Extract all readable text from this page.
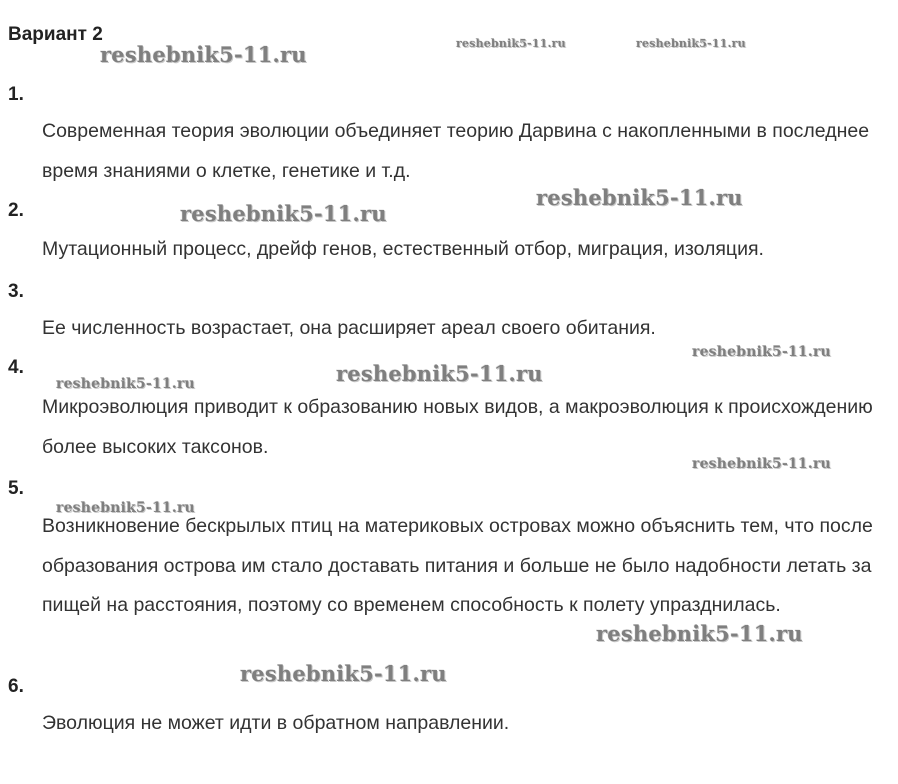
Вариант 2
1.
Современная теория эволюции объединяет теорию Дарвина с накопленными в последнее время знаниями о клетке, генетике и т.д.
2.
Мутационный процесс, дрейф генов, естественный отбор, миграция, изоляция.
3.
Ее численность возрастает, она расширяет ареал своего обитания.
4.
Микроэволюция приводит к образованию новых видов, а макроэволюция к происхождению более высоких таксонов.
5.
Возникновение бескрылых птиц на материковых островах можно объяснить тем, что после образования острова им стало доставать питания и больше не было надобности летать за пищей на расстояния, поэтому со временем способность к полету упразднилась.
6.
Эволюция не может идти в обратном направлении.
reshebnik5-11.ru	reshebnik5-11.ru	reshebnik5-11.ru
reshebnik5-11.ru
reshebnik5-11.ru
reshebnik5-11.ru
reshebnik5-11.ru
reshebnik5-11.ru
reshebnik5-11.ru
reshebnik5-11.ru
reshebnik5-11.ru
reshebnik5-11.ru
